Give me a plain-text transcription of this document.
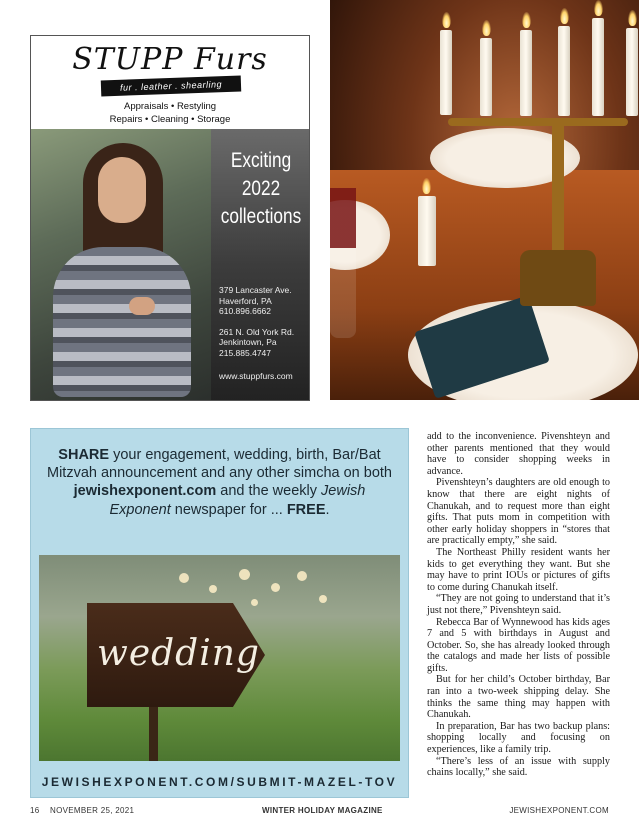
STUPP Furs
fur . leather . shearling
Appraisals • Restyling
Repairs • Cleaning • Storage
Exciting
2022
collections
379 Lancaster Ave.
Haverford, PA
610.896.6662
261 N. Old York Rd.
Jenkintown, Pa
215.885.4747
www.stuppfurs.com
SHARE your engagement, wedding, birth, Bar/Bat Mitzvah announcement and any other simcha on both jewishexponent.com and the weekly Jewish Exponent newspaper for ... FREE.
wedding
JEWISHEXPONENT.COM/SUBMIT-MAZEL-TOV

add to the inconvenience. Pivenshteyn and other parents mentioned that they would have to consider shopping weeks in advance.

Pivenshteyn’s daughters are old enough to know that there are eight nights of Chanukah, and to request more than eight gifts. That puts mom in competition with other early holiday shoppers in “stores that are practically empty,” she said.

The Northeast Philly resident wants her kids to get everything they want. But she may have to print IOUs or pictures of gifts to come during Chanukah itself.

“They are not going to understand that it’s just not there,” Pivenshteyn said.

Rebecca Bar of Wynnewood has kids ages 7 and 5 with birthdays in August and October. So, she has already looked through the catalogs and made her lists of possible gifts.

But for her child’s October birthday, Bar ran into a two-week shipping delay. She thinks the same thing may happen with Chanukah.

In preparation, Bar has two backup plans: shopping locally and focusing on experiences, like a family trip.

“There’s less of an issue with supply chains locally,” she said.

16 NOVEMBER 25, 2021	WINTER HOLIDAY MAGAZINE	JEWISHEXPONENT.COM
